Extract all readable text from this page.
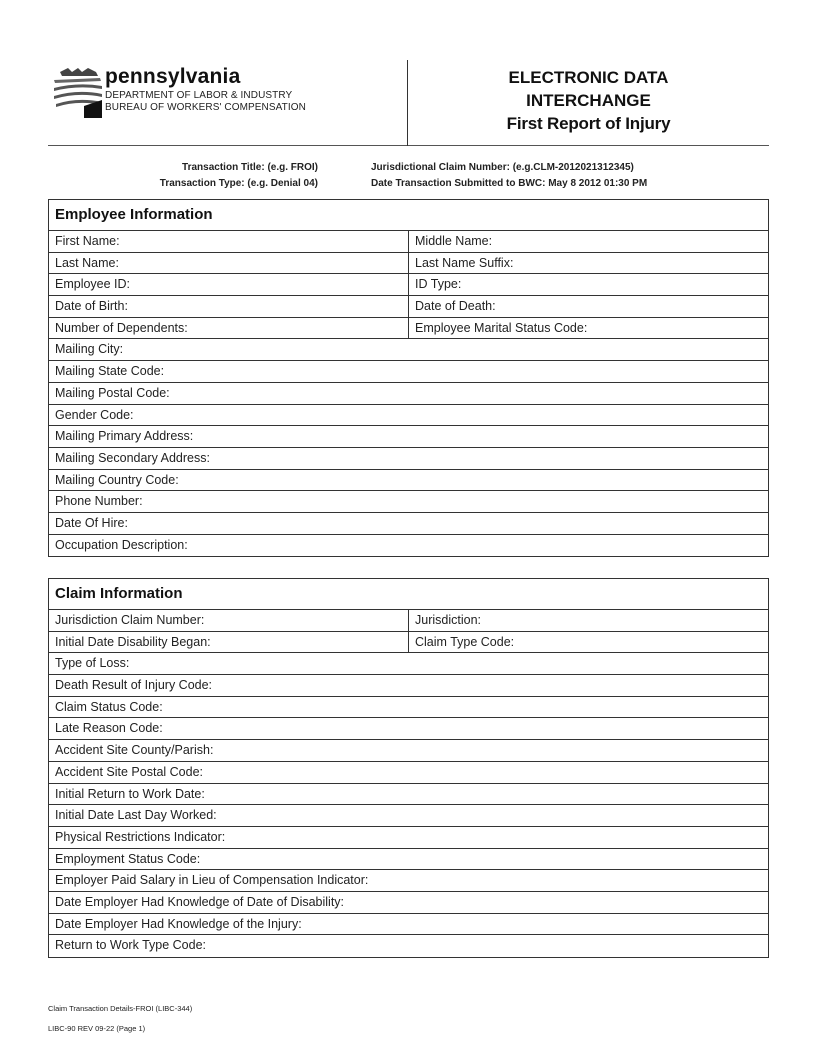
pennsylvania
DEPARTMENT OF LABOR & INDUSTRY
BUREAU OF WORKERS' COMPENSATION
ELECTRONIC DATA
INTERCHANGE
First Report of Injury
Transaction Title: (e.g. FROI)
Transaction Type: (e.g. Denial 04)
Jurisdictional Claim Number: (e.g.CLM-2012021312345)
Date Transaction Submitted to BWC: May 8 2012 01:30 PM
Employee Information
First Name:	Middle Name:
Last Name:	Last Name Suffix:
Employee ID:	ID Type:
Date of Birth:	Date of Death:
Number of Dependents:	Employee Marital Status Code:
Mailing City:
Mailing State Code:
Mailing Postal Code:
Gender Code:
Mailing Primary Address:
Mailing Secondary Address:
Mailing Country Code:
Phone Number:
Date Of Hire:
Occupation Description:
Claim Information
Jurisdiction Claim Number:	Jurisdiction:
Initial Date Disability Began:	Claim Type Code:
Type of Loss:
Death Result of Injury Code:
Claim Status Code:
Late Reason Code:
Accident Site County/Parish:
Accident Site Postal Code:
Initial Return to Work Date:
Initial Date Last Day Worked:
Physical Restrictions Indicator:
Employment Status Code:
Employer Paid Salary in Lieu of Compensation Indicator:
Date Employer Had Knowledge of Date of Disability:
Date Employer Had Knowledge of the Injury:
Return to Work Type Code:
Claim Transaction Details-FROI (LIBC-344)
LIBC-90 REV 09-22 (Page 1)
